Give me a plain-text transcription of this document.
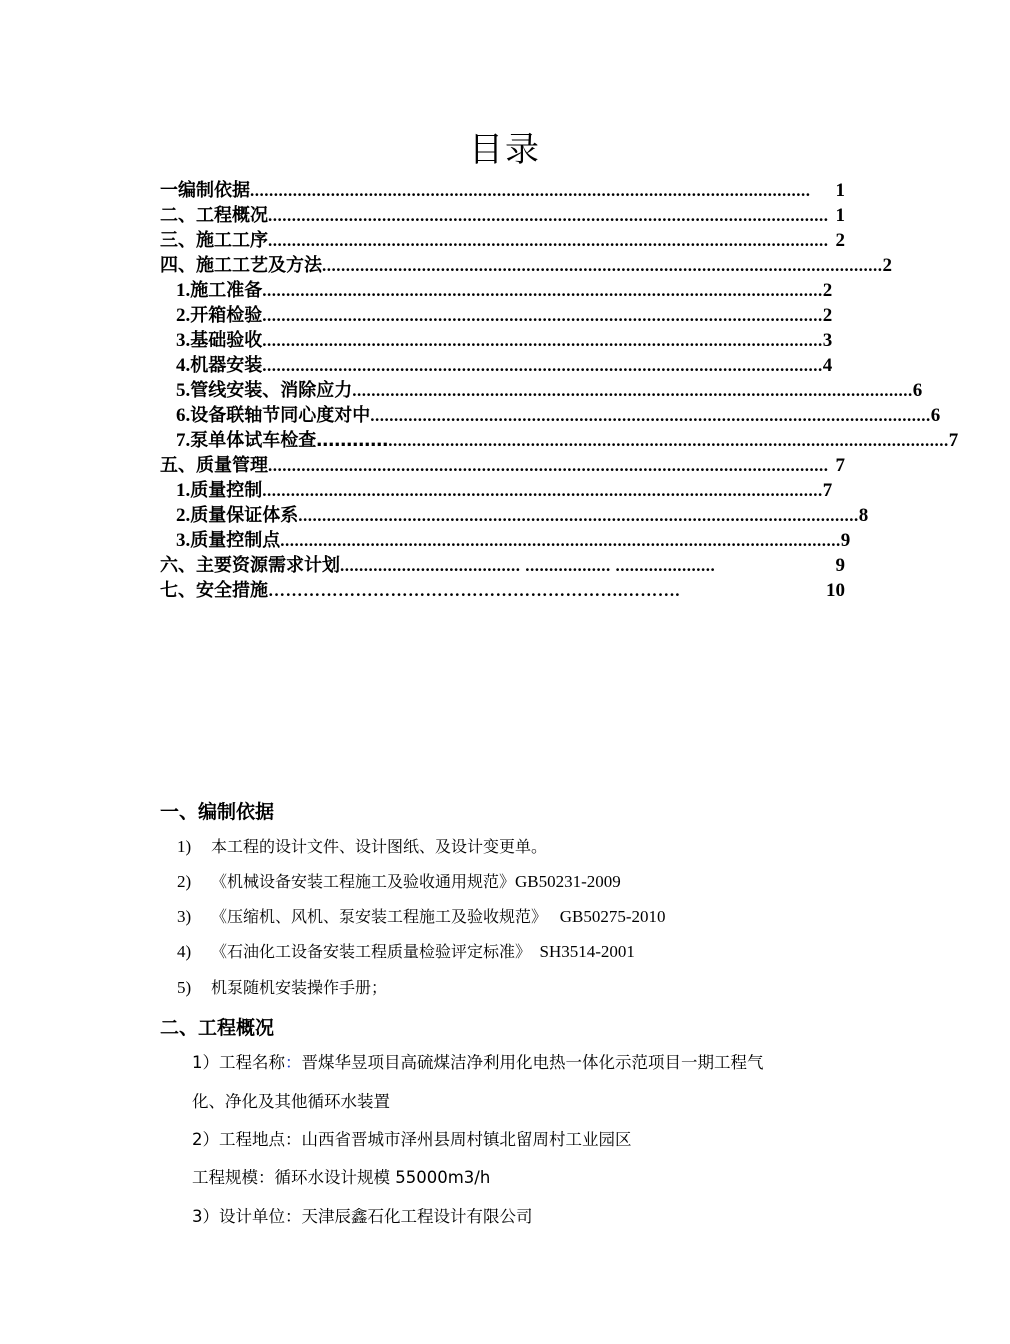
目录
一编制依据 ......................................................................................................................	1
二、工程概况 ...................................................................................................................... 1
三、施工工序 ...................................................................................................................... 2
四、施工工艺及方法 ...................................................................................................................... 2
1.施工准备 ...................................................................................................................... 2
2.开箱检验 ...................................................................................................................... 2
3.基础验收 ...................................................................................................................... 3
4.机器安装 ...................................................................................................................... 4
5.管线安装、消除应力 ...................................................................................................................... 6
6.设备联轴节同心度对中 ...................................................................................................................... 6
7.泵单体试车检查………… ...................................................................................................................... 7
五、质量管理 ...................................................................................................................... 7
1.质量控制 ...................................................................................................................... 7
2.质量保证体系 ...................................................................................................................... 8
3.质量控制点 ...................................................................................................................... 9
六、主要资源需求计划 ...................................... .................. .....................	9
七、安全措施 …………………………………………………….……….	10
一、编制依据
1) 本工程的设计文件、设计图纸、及设计变更单。
2) 《机械设备安装工程施工及验收通用规范》GB50231-2009
3) 《压缩机、风机、泵安装工程施工及验收规范》   GB50275-2010
4) 《石油化工设备安装工程质量检验评定标准》  SH3514-2001
5) 机泵随机安装操作手册；
二、工程概况
1）工程名称：晋煤华昱项目高硫煤洁净利用化电热一体化示范项目一期工程气
化、净化及其他循环水装置
2）工程地点：山西省晋城市泽州县周村镇北留周村工业园区
工程规模：循环水设计规模 55000m3/h
3）设计单位：天津辰鑫石化工程设计有限公司
